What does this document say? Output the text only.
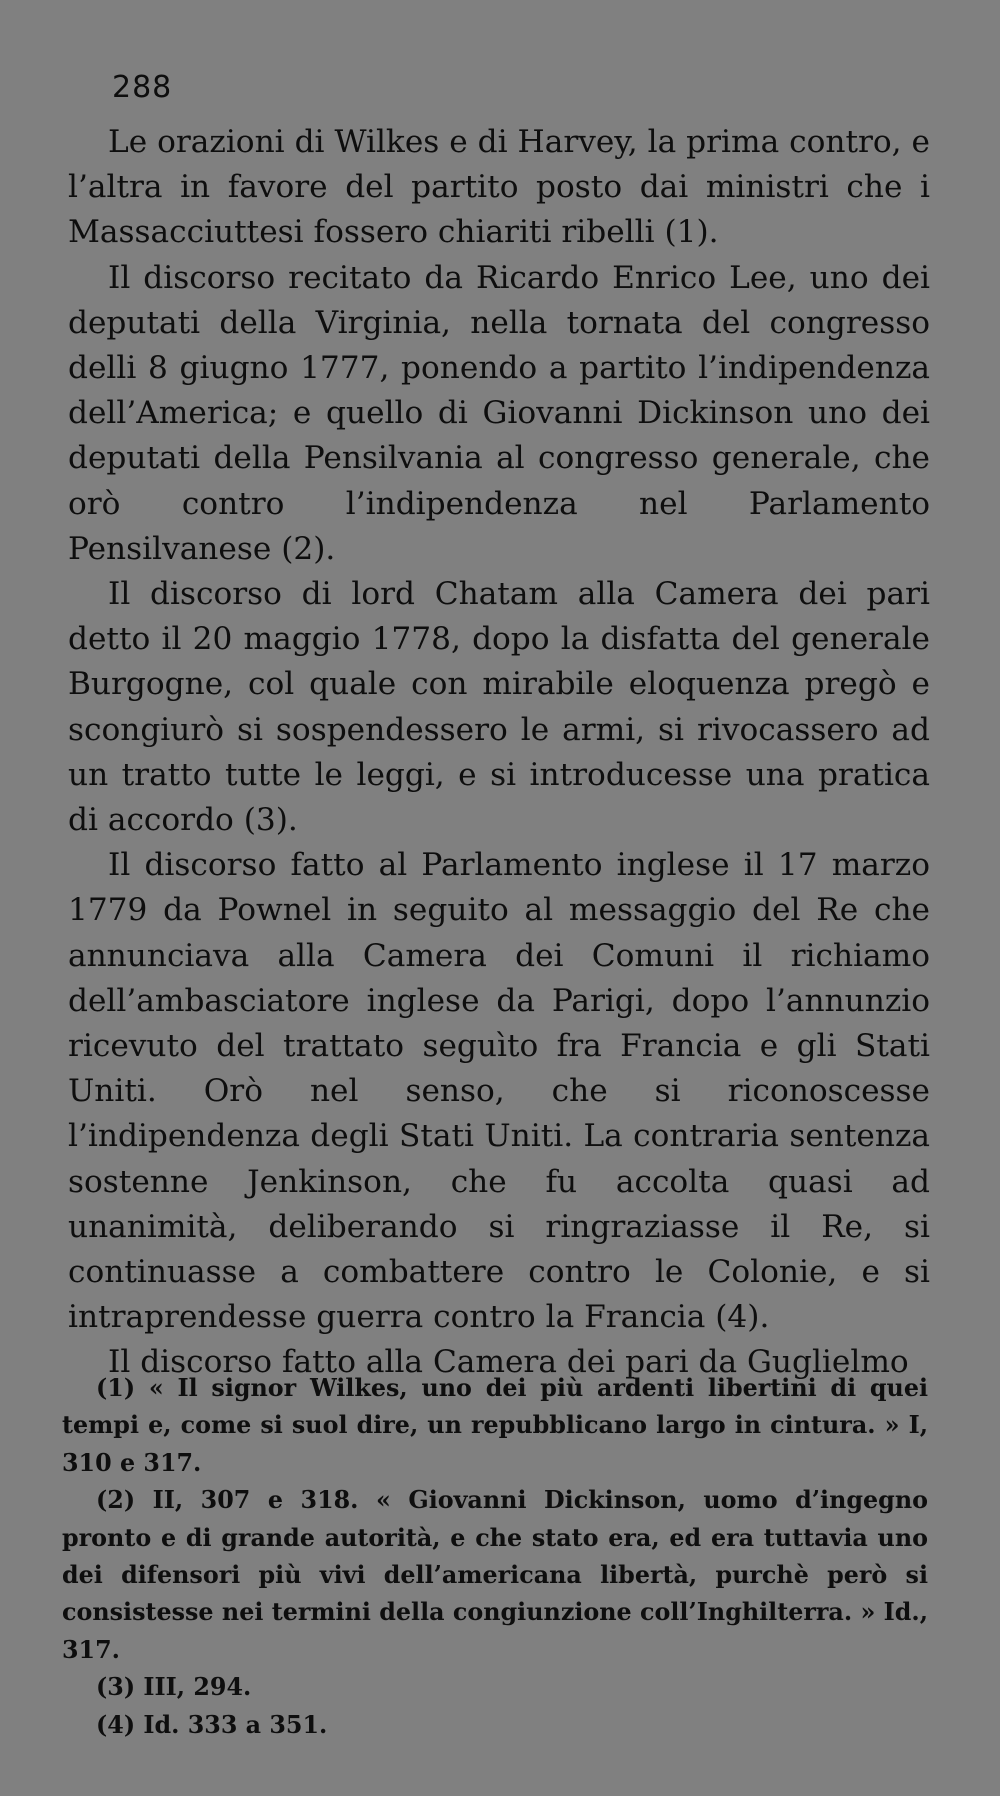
288

Le orazioni di Wilkes e di Harvey, la prima contro, e l’altra in favore del partito posto dai ministri che i Massacciuttesi fossero chiariti ribelli (1).

Il discorso recitato da Ricardo Enrico Lee, uno dei deputati della Virginia, nella tornata del congresso delli 8 giugno 1777, ponendo a partito l’indipendenza dell’America; e quello di Giovanni Dickinson uno dei deputati della Pensilvania al congresso generale, che orò contro l’indipendenza nel Parlamento Pensilvanese (2).

Il discorso di lord Chatam alla Camera dei pari detto il 20 maggio 1778, dopo la disfatta del generale Burgogne, col quale con mirabile eloquenza pregò e scongiurò si sospendessero le armi, si rivocassero ad un tratto tutte le leggi, e si introducesse una pratica di accordo (3).

Il discorso fatto al Parlamento inglese il 17 marzo 1779 da Pownel in seguito al messaggio del Re che annunciava alla Camera dei Comuni il richiamo dell’ambasciatore inglese da Parigi, dopo l’annunzio ricevuto del trattato seguìto fra Francia e gli Stati Uniti. Orò nel senso, che si riconoscesse l’indipendenza degli Stati Uniti. La contraria sentenza sostenne Jenkinson, che fu accolta quasi ad unanimità, deliberando si ringraziasse il Re, si continuasse a combattere contro le Colonie, e si intraprendesse guerra contro la Francia (4).

Il discorso fatto alla Camera dei pari da Guglielmo

(1) « Il signor Wilkes, uno dei più ardenti libertini di quei tempi e, come si suol dire, un repubblicano largo in cintura. » I, 310 e 317.

(2) II, 307 e 318. « Giovanni Dickinson, uomo d’ingegno pronto e di grande autorità, e che stato era, ed era tuttavia uno dei difensori più vivi dell’americana libertà, purchè però si consistesse nei termini della congiunzione coll’Inghilterra. » Id., 317.

(3) III, 294.

(4) Id. 333 a 351.
